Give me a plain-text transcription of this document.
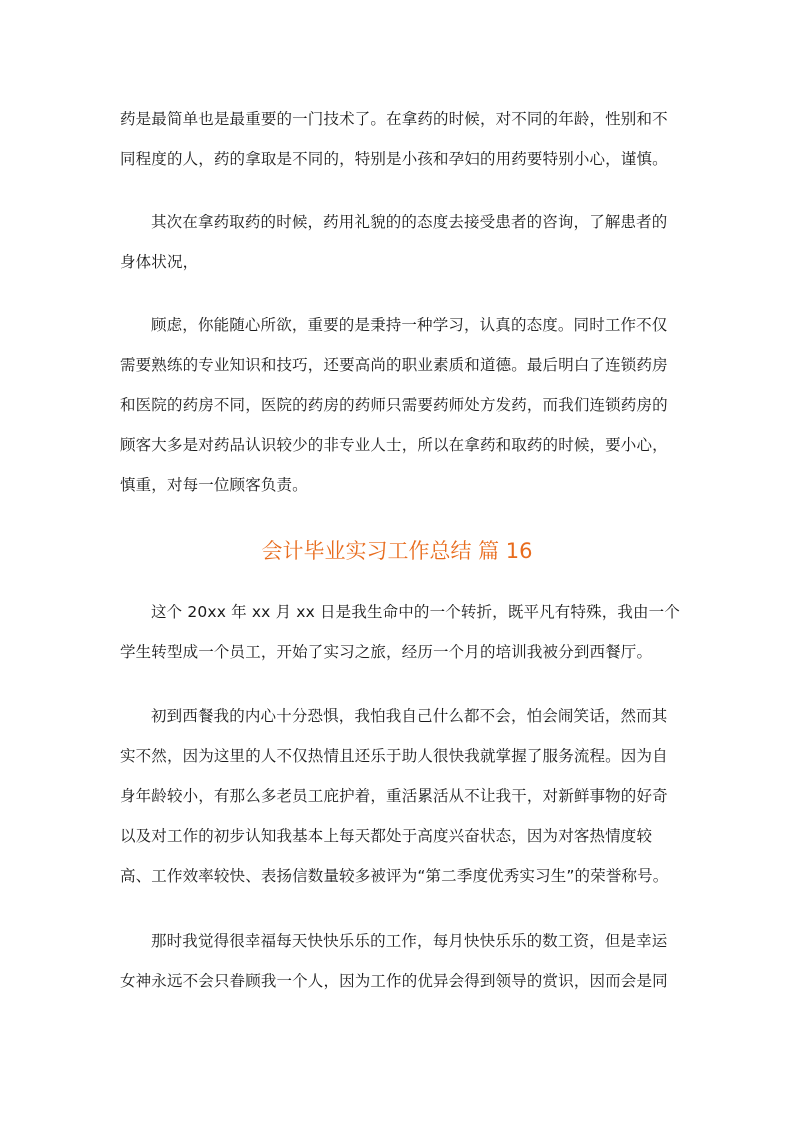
药是最简单也是最重要的一门技术了。在拿药的时候，对不同的年龄，性别和不
同程度的人，药的拿取是不同的，特别是小孩和孕妇的用药要特别小心，谨慎。
其次在拿药取药的时候，药用礼貌的的态度去接受患者的咨询，了解患者的
身体状况，
顾虑，你能随心所欲，重要的是秉持一种学习，认真的态度。同时工作不仅
需要熟练的专业知识和技巧，还要高尚的职业素质和道德。最后明白了连锁药房
和医院的药房不同，医院的药房的药师只需要药师处方发药，而我们连锁药房的
顾客大多是对药品认识较少的非专业人士，所以在拿药和取药的时候，要小心，
慎重，对每一位顾客负责。
会计毕业实习工作总结 篇 16
这个 20xx 年 xx 月 xx 日是我生命中的一个转折，既平凡有特殊，我由一个
学生转型成一个员工，开始了实习之旅，经历一个月的培训我被分到西餐厅。
初到西餐我的内心十分恐惧，我怕我自己什么都不会，怕会闹笑话，然而其
实不然，因为这里的人不仅热情且还乐于助人很快我就掌握了服务流程。因为自
身年龄较小，有那么多老员工庇护着，重活累活从不让我干，对新鲜事物的好奇
以及对工作的初步认知我基本上每天都处于高度兴奋状态，因为对客热情度较
高、工作效率较快、表扬信数量较多被评为“第二季度优秀实习生”的荣誉称号。
那时我觉得很幸福每天快快乐乐的工作，每月快快乐乐的数工资，但是幸运
女神永远不会只眷顾我一个人，因为工作的优异会得到领导的赏识，因而会是同
